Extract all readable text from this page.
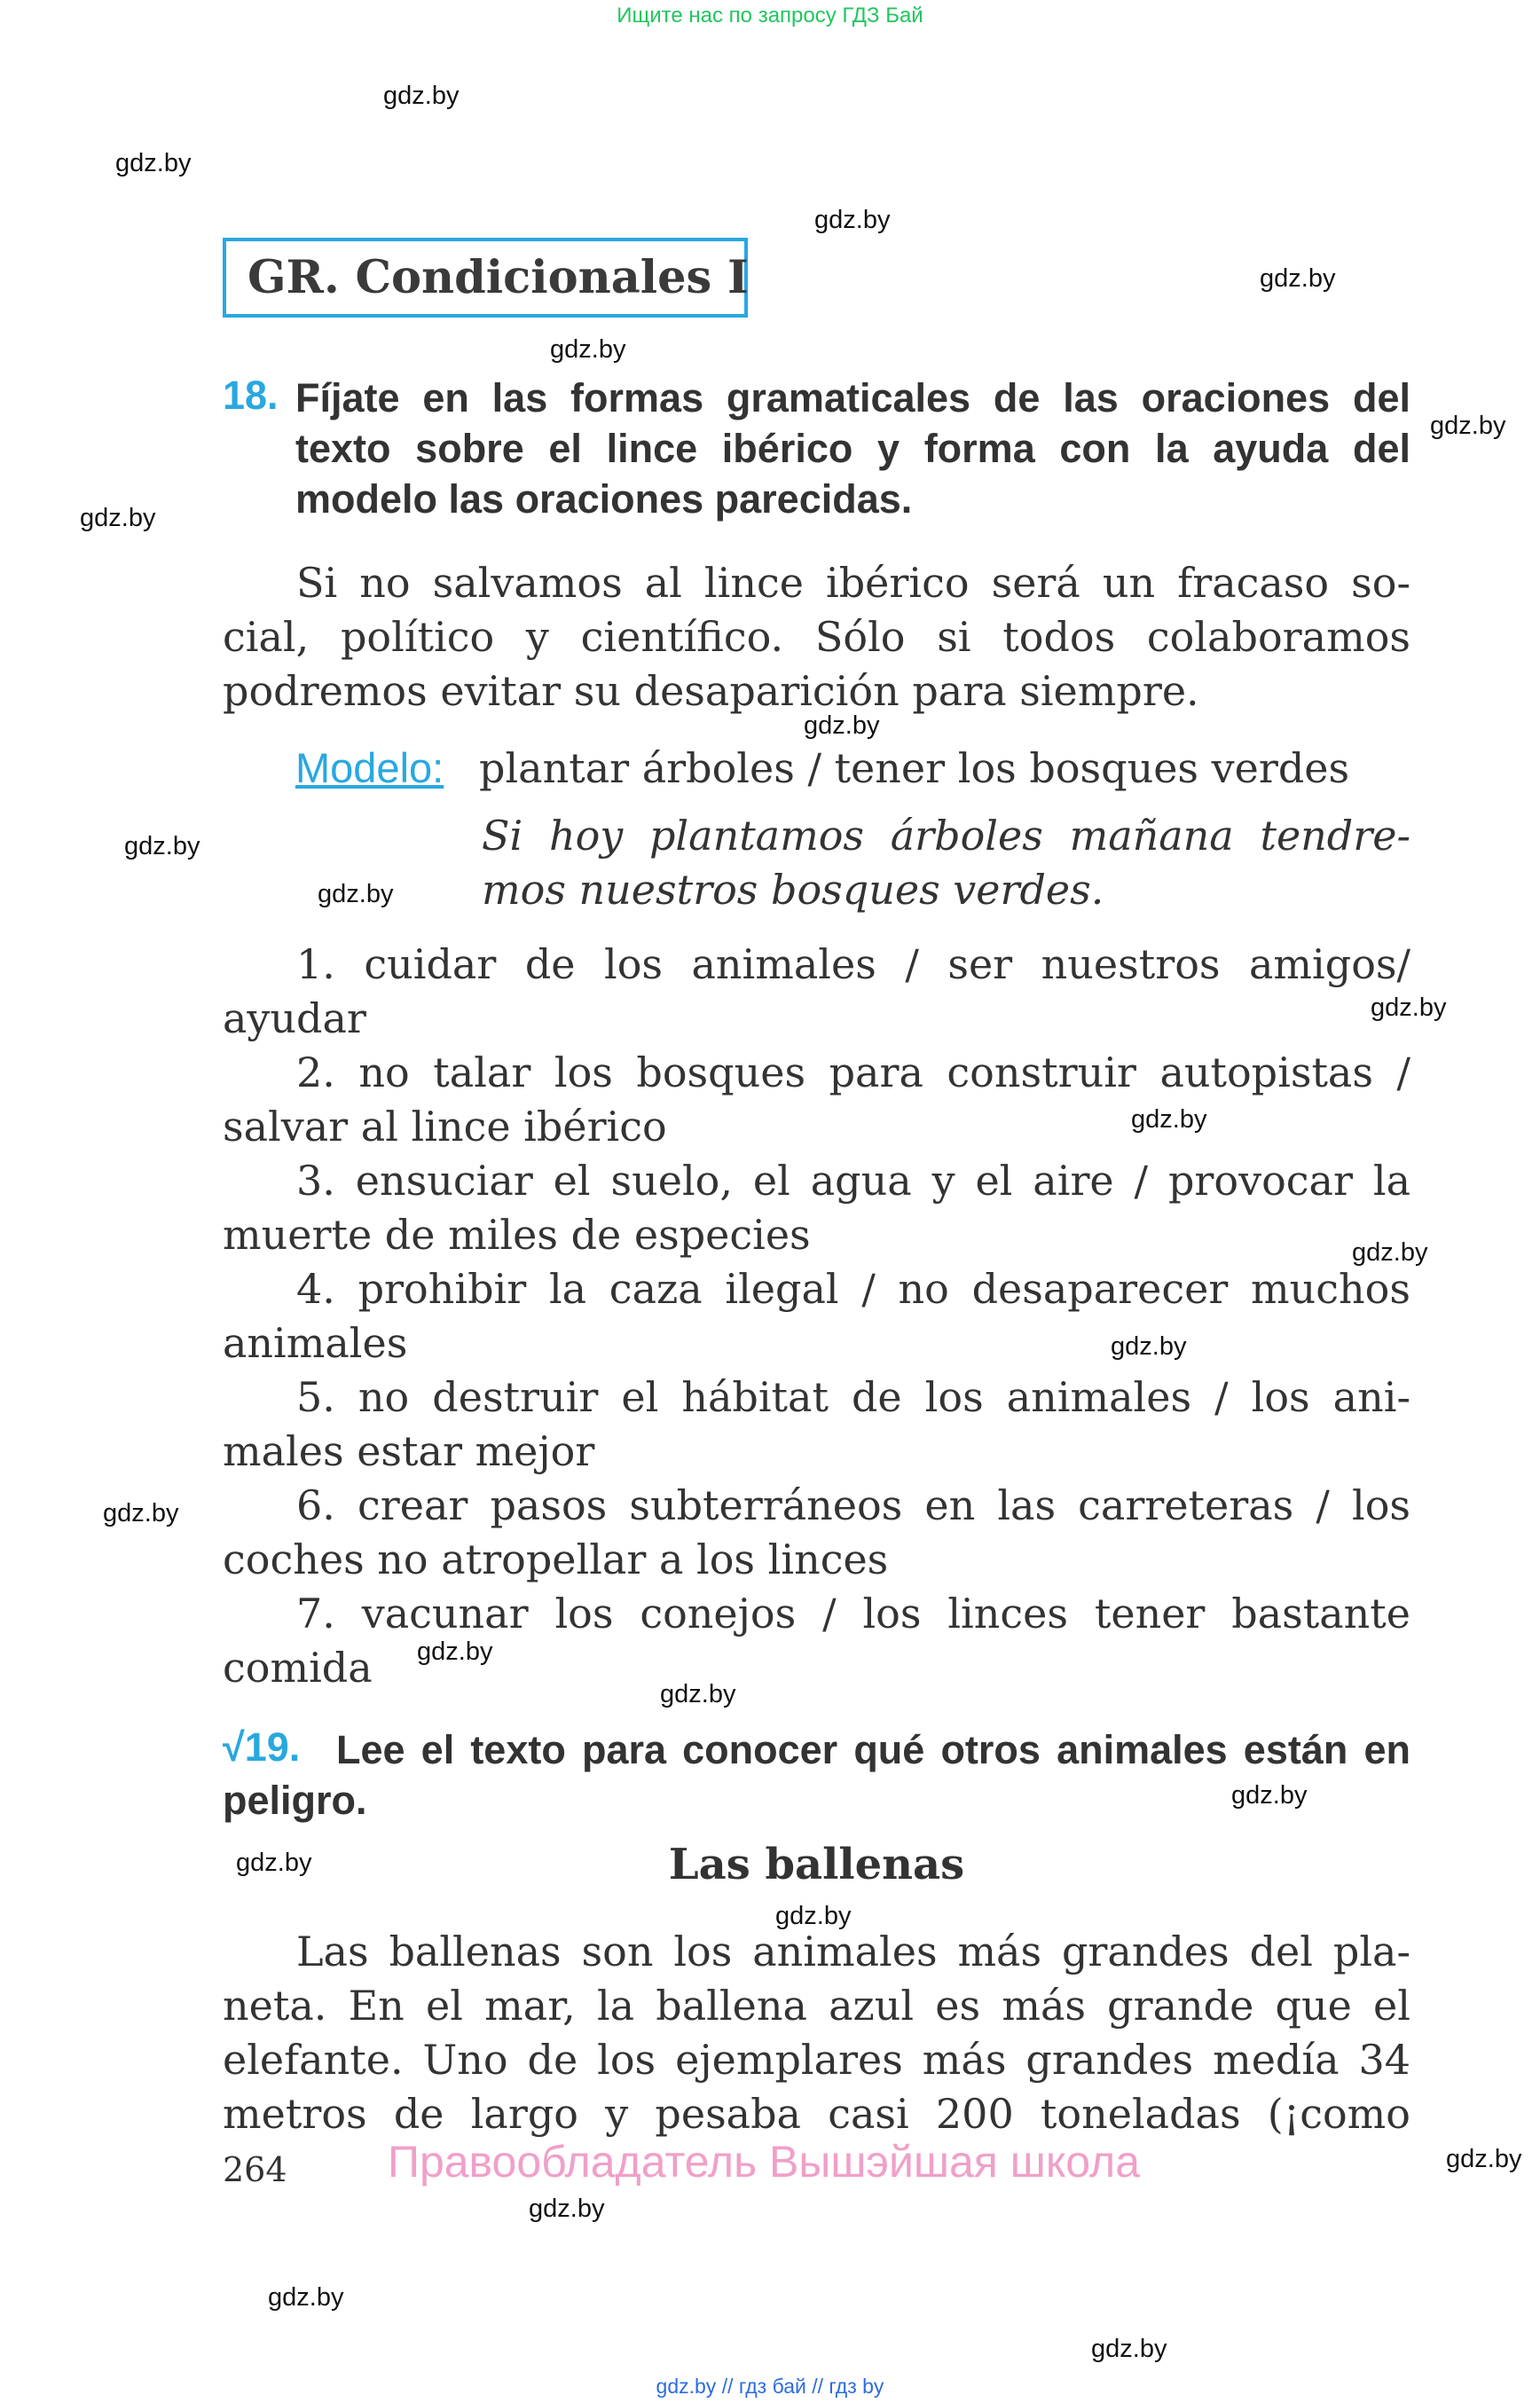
Ищите нас по запросу ГДЗ Бай
gdz.by
gdz.by
gdz.by
gdz.by
gdz.by
gdz.by
gdz.by
gdz.by
gdz.by
gdz.by
gdz.by
gdz.by
gdz.by
gdz.by
gdz.by
gdz.by
gdz.by
gdz.by
gdz.by
gdz.by
gdz.by
gdz.by
gdz.by
gdz.by
GR. Condicionales I
18. Fíjate en las formas gramaticales de las oraciones del texto sobre el lince ibérico y forma con la ayuda del modelo las oraciones parecidas.
Si no salvamos al lince ibérico será un fracaso so-
cial, político y científico. Sólo si todos colaboramos
podremos evitar su desaparición para siempre.
Modelo: plantar árboles / tener los bosques verdes
Si hoy plantamos árboles mañana tendre-
mos nuestros bosques verdes.
1. cuidar de los animales / ser nuestros amigos/
ayudar
2. no talar los bosques para construir autopistas /
salvar al lince ibérico
3. ensuciar el suelo, el agua y el aire / provocar la
muerte de miles de especies
4. prohibir la caza ilegal / no desaparecer muchos
animales
5. no destruir el hábitat de los animales / los ani-
males estar mejor
6. crear pasos subterráneos en las carreteras / los
coches no atropellar a los linces
7. vacunar los conejos / los linces tener bastante
comida
√19. Lee el texto para conocer qué otros animales están en peligro.
Las ballenas
Las ballenas son los animales más grandes del pla-
neta. En el mar, la ballena azul es más grande que el
elefante. Uno de los ejemplares más grandes medía 34
metros de largo y pesaba casi 200 toneladas (¡como
264 Правообладатель Вышэйшая школа
gdz.by // гдз бай // гдз by
